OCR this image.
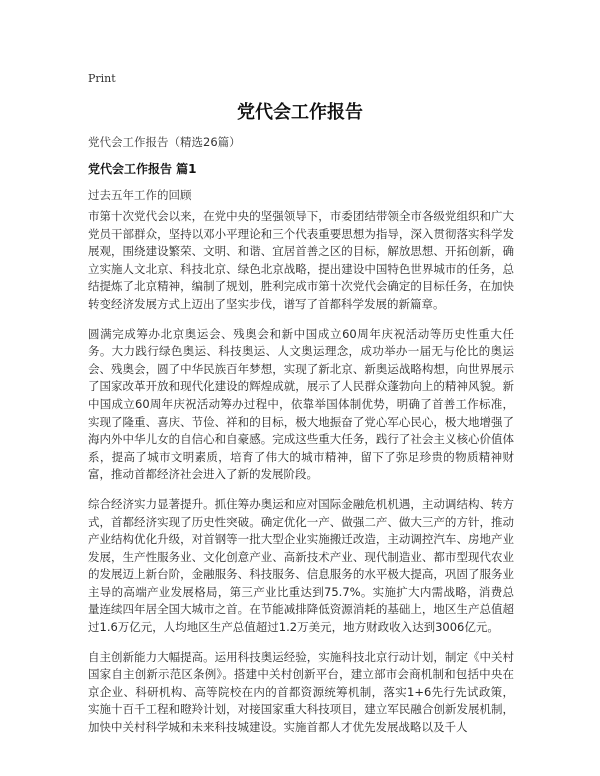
Print
党代会工作报告
党代会工作报告（精选26篇）
党代会工作报告 篇1
过去五年工作的回顾

市第十次党代会以来，在党中央的坚强领导下，市委团结带领全市各级党组织和广大党员干部群众，坚持以邓小平理论和三个代表重要思想为指导，深入贯彻落实科学发展观，围绕建设繁荣、文明、和谐、宜居首善之区的目标，解放思想、开拓创新，确立实施人文北京、科技北京、绿色北京战略，提出建设中国特色世界城市的任务，总结提炼了北京精神，编制了规划，胜利完成市第十次党代会确定的目标任务，在加快转变经济发展方式上迈出了坚实步伐，谱写了首都科学发展的新篇章。

圆满完成筹办北京奥运会、残奥会和新中国成立60周年庆祝活动等历史性重大任务。大力践行绿色奥运、科技奥运、人文奥运理念，成功举办一届无与伦比的奥运会、残奥会，圆了中华民族百年梦想，实现了新北京、新奥运战略构想，向世界展示了国家改革开放和现代化建设的辉煌成就，展示了人民群众蓬勃向上的精神风貌。新中国成立60周年庆祝活动筹办过程中，依靠举国体制优势，明确了首善工作标准，实现了隆重、喜庆、节俭、祥和的目标，极大地振奋了党心军心民心，极大地增强了海内外中华儿女的自信心和自豪感。完成这些重大任务，践行了社会主义核心价值体系，提高了城市文明素质，培育了伟大的城市精神，留下了弥足珍贵的物质精神财富，推动首都经济社会进入了新的发展阶段。

综合经济实力显著提升。抓住筹办奥运和应对国际金融危机机遇，主动调结构、转方式，首都经济实现了历史性突破。确定优化一产、做强二产、做大三产的方针，推动产业结构优化升级，对首钢等一批大型企业实施搬迁改造，主动调控汽车、房地产业发展，生产性服务业、文化创意产业、高新技术产业、现代制造业、都市型现代农业的发展迈上新台阶，金融服务、科技服务、信息服务的水平极大提高，巩固了服务业主导的高端产业发展格局，第三产业比重达到75.7%。实施扩大内需战略，消费总量连续四年居全国大城市之首。在节能减排降低资源消耗的基础上，地区生产总值超过1.6万亿元，人均地区生产总值超过1.2万美元，地方财政收入达到3006亿元。

自主创新能力大幅提高。运用科技奥运经验，实施科技北京行动计划，制定《中关村国家自主创新示范区条例》。搭建中关村创新平台，建立部市会商机制和包括中央在京企业、科研机构、高等院校在内的首都资源统筹机制，落实1+6先行先试政策，实施十百千工程和瞪羚计划，对接国家重大科技项目，建立军民融合创新发展机制，加快中关村科学城和未来科技城建设。实施首都人才优先发展战略以及千人
